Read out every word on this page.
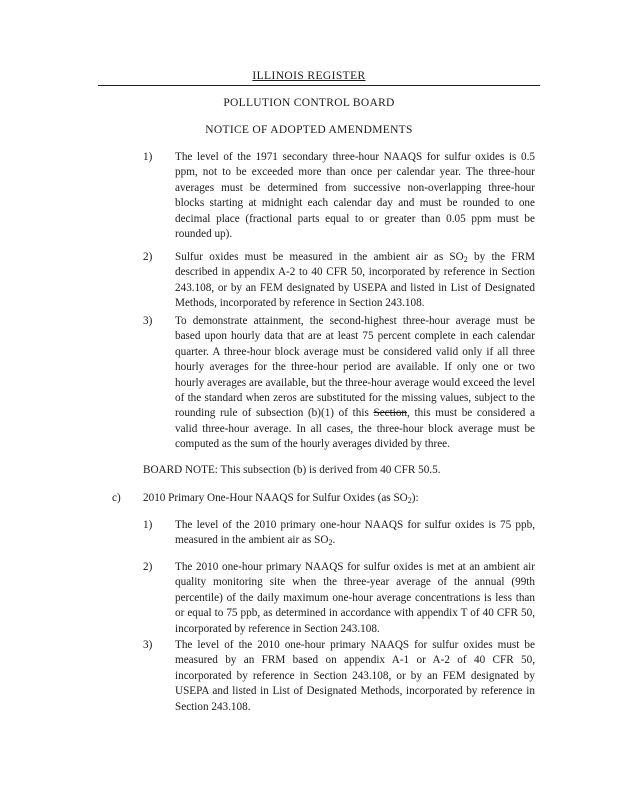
ILLINOIS REGISTER
POLLUTION CONTROL BOARD
NOTICE OF ADOPTED AMENDMENTS
1)	The level of the 1971 secondary three-hour NAAQS for sulfur oxides is 0.5 ppm, not to be exceeded more than once per calendar year. The three-hour averages must be determined from successive non-overlapping three-hour blocks starting at midnight each calendar day and must be rounded to one decimal place (fractional parts equal to or greater than 0.05 ppm must be rounded up).
2)	Sulfur oxides must be measured in the ambient air as $SO_2$ by the FRM described in appendix A-2 to 40 CFR 50, incorporated by reference in Section 243.108, or by an FEM designated by USEPA and listed in List of Designated Methods, incorporated by reference in Section 243.108.
3)	To demonstrate attainment, the second-highest three-hour average must be based upon hourly data that are at least 75 percent complete in each calendar quarter. A three-hour block average must be considered valid only if all three hourly averages for the three-hour period are available. If only one or two hourly averages are available, but the three-hour average would exceed the level of the standard when zeros are substituted for the missing values, subject to the rounding rule of subsection (b)(1) of this Section, this must be considered a valid three-hour average. In all cases, the three-hour block average must be computed as the sum of the hourly averages divided by three.
BOARD NOTE: This subsection (b) is derived from 40 CFR 50.5.
c) 2010 Primary One-Hour NAAQS for Sulfur Oxides (as $SO_2$):
1)	The level of the 2010 primary one-hour NAAQS for sulfur oxides is 75 ppb, measured in the ambient air as $SO_2$.
2)	The 2010 one-hour primary NAAQS for sulfur oxides is met at an ambient air quality monitoring site when the three-year average of the annual (99th percentile) of the daily maximum one-hour average concentrations is less than or equal to 75 ppb, as determined in accordance with appendix T of 40 CFR 50, incorporated by reference in Section 243.108.
3)	The level of the 2010 one-hour primary NAAQS for sulfur oxides must be measured by an FRM based on appendix A-1 or A-2 of 40 CFR 50, incorporated by reference in Section 243.108, or by an FEM designated by USEPA and listed in List of Designated Methods, incorporated by reference in Section 243.108.
